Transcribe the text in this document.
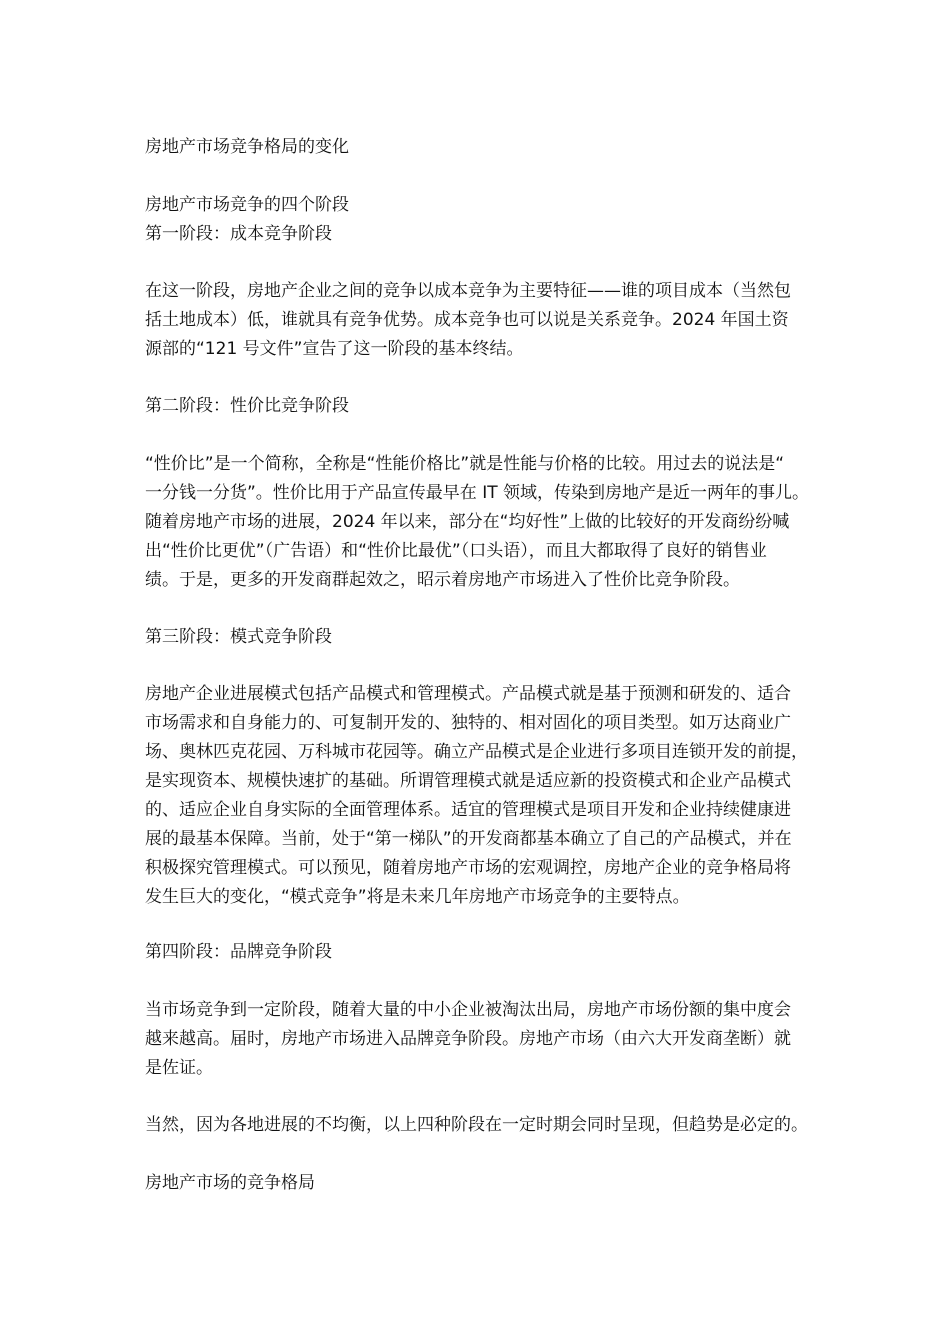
房地产市场竞争格局的变化
房地产市场竞争的四个阶段
第一阶段：成本竞争阶段
在这一阶段，房地产企业之间的竞争以成本竞争为主要特征——谁的项目成本（当然包
括土地成本）低，谁就具有竞争优势。成本竞争也可以说是关系竞争。2024 年国土资
源部的“121 号文件”宣告了这一阶段的基本终结。
第二阶段：性价比竞争阶段
“性价比”是一个简称，全称是“性能价格比”就是性能与价格的比较。用过去的说法是“
一分钱一分货”。性价比用于产品宣传最早在 IT 领域，传染到房地产是近一两年的事儿。
随着房地产市场的进展，2024 年以来，部分在“均好性”上做的比较好的开发商纷纷喊
出“性价比更优”（广告语）和“性价比最优”（口头语），而且大都取得了良好的销售业
绩。于是，更多的开发商群起效之，昭示着房地产市场进入了性价比竞争阶段。
第三阶段：模式竞争阶段
房地产企业进展模式包括产品模式和管理模式。产品模式就是基于预测和研发的、适合
市场需求和自身能力的、可复制开发的、独特的、相对固化的项目类型。如万达商业广
场、奥林匹克花园、万科城市花园等。确立产品模式是企业进行多项目连锁开发的前提，
是实现资本、规模快速扩的基础。所谓管理模式就是适应新的投资模式和企业产品模式
的、适应企业自身实际的全面管理体系。适宜的管理模式是项目开发和企业持续健康进
展的最基本保障。当前，处于“第一梯队”的开发商都基本确立了自己的产品模式，并在
积极探究管理模式。可以预见，随着房地产市场的宏观调控，房地产企业的竞争格局将
发生巨大的变化，“模式竞争”将是未来几年房地产市场竞争的主要特点。
第四阶段：品牌竞争阶段
当市场竞争到一定阶段，随着大量的中小企业被淘汰出局，房地产市场份额的集中度会
越来越高。届时，房地产市场进入品牌竞争阶段。房地产市场（由六大开发商垄断）就
是佐证。
当然，因为各地进展的不均衡，以上四种阶段在一定时期会同时呈现，但趋势是必定的。
房地产市场的竞争格局
